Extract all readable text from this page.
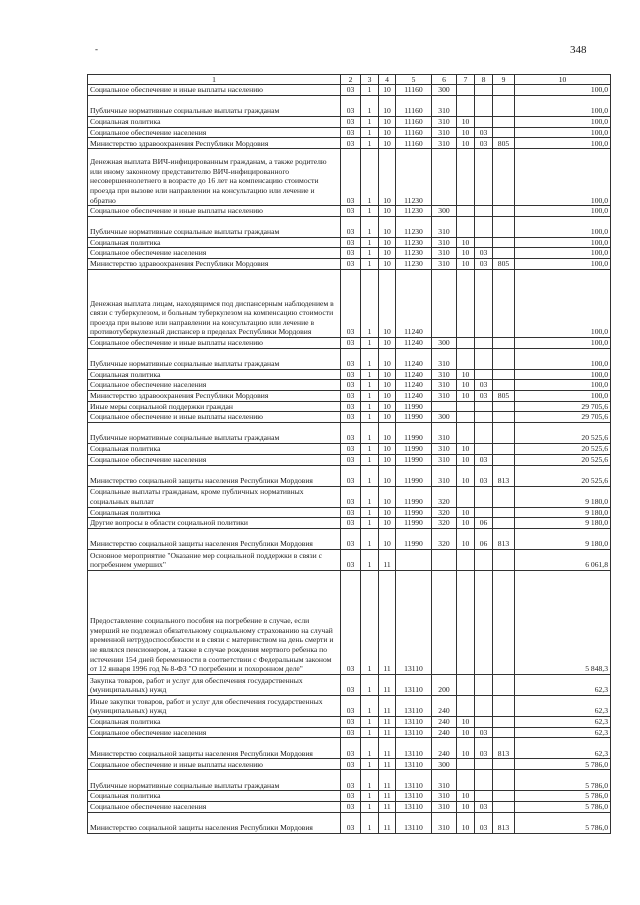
-	348
1	2	3	4	5	6	7	8	9	10
Социальное обеспечение и иные выплаты населению	03	1	10	11160	300				100,0
Публичные нормативные социальные выплаты гражданам	03	1	10	11160	310				100,0
Социальная политика	03	1	10	11160	310	10			100,0
Социальное обеспечение населения	03	1	10	11160	310	10	03		100,0
Министерство здравоохранения Республики Мордовия	03	1	10	11160	310	10	03	805	100,0
Денежная выплата ВИЧ-инфицированным гражданам, а также родителю или иному законному представителю ВИЧ-инфицированного несовершеннолетнего в возрасте до 16 лет на компенсацию стоимости проезда при вызове или направлении на консультацию или лечение и обратно	03	1	10	11230					100,0
Социальное обеспечение и иные выплаты населению	03	1	10	11230	300				100,0
Публичные нормативные социальные выплаты гражданам	03	1	10	11230	310				100,0
Социальная политика	03	1	10	11230	310	10			100,0
Социальное обеспечение населения	03	1	10	11230	310	10	03		100,0
Министерство здравоохранения Республики Мордовия	03	1	10	11230	310	10	03	805	100,0
Денежная выплата лицам, находящимся под диспансерным наблюдением в связи с туберкулезом, и больным туберкулезом на компенсацию стоимости проезда при вызове или направлении на консультацию или лечение в противотуберкулезный диспансер в пределах Республики Мордовия	03	1	10	11240					100,0
Социальное обеспечение и иные выплаты населению	03	1	10	11240	300				100,0
Публичные нормативные социальные выплаты гражданам	03	1	10	11240	310				100,0
Социальная политика	03	1	10	11240	310	10			100,0
Социальное обеспечение населения	03	1	10	11240	310	10	03		100,0
Министерство здравоохранения Республики Мордовия	03	1	10	11240	310	10	03	805	100,0
Иные меры социальной поддержки граждан	03	1	10	11990					29 705,6
Социальное обеспечение и иные выплаты населению	03	1	10	11990	300				29 705,6
Публичные нормативные социальные выплаты гражданам	03	1	10	11990	310				20 525,6
Социальная политика	03	1	10	11990	310	10			20 525,6
Социальное обеспечение населения	03	1	10	11990	310	10	03		20 525,6
Министерство социальной защиты населения Республики Мордовия	03	1	10	11990	310	10	03	813	20 525,6
Социальные выплаты гражданам, кроме публичных нормативных социальных выплат	03	1	10	11990	320				9 180,0
Социальная политика	03	1	10	11990	320	10			9 180,0
Другие вопросы в области социальной политики	03	1	10	11990	320	10	06		9 180,0
Министерство социальной защиты населения Республики Мордовия	03	1	10	11990	320	10	06	813	9 180,0
Основное мероприятие "Оказание мер социальной поддержки в связи с погребением умерших"	03	1	11						6 061,8
Предоставление социального пособия на погребение в случае, если умерший не подлежал обязательному социальному страхованию на случай временной нетрудоспособности и в связи с материнством на день смерти и не являлся пенсионером, а также в случае рождения мертвого ребенка по истечении 154 дней беременности в соответствии с Федеральным законом от 12 января 1996 год № 8-ФЗ "О погребении и похоронном деле"	03	1	11	13110					5 848,3
Закупка товаров, работ и услуг для обеспечения государственных (муниципальных) нужд	03	1	11	13110	200				62,3
Иные закупки товаров, работ и услуг для обеспечения государственных (муниципальных) нужд	03	1	11	13110	240				62,3
Социальная политика	03	1	11	13110	240	10			62,3
Социальное обеспечение населения	03	1	11	13110	240	10	03		62,3
Министерство социальной защиты населения Республики Мордовия	03	1	11	13110	240	10	03	813	62,3
Социальное обеспечение и иные выплаты населению	03	1	11	13110	300				5 786,0
Публичные нормативные социальные выплаты гражданам	03	1	11	13110	310				5 786,0
Социальная политика	03	1	11	13110	310	10			5 786,0
Социальное обеспечение населения	03	1	11	13110	310	10	03		5 786,0
Министерство социальной защиты населения Республики Мордовия	03	1	11	13110	310	10	03	813	5 786,0
